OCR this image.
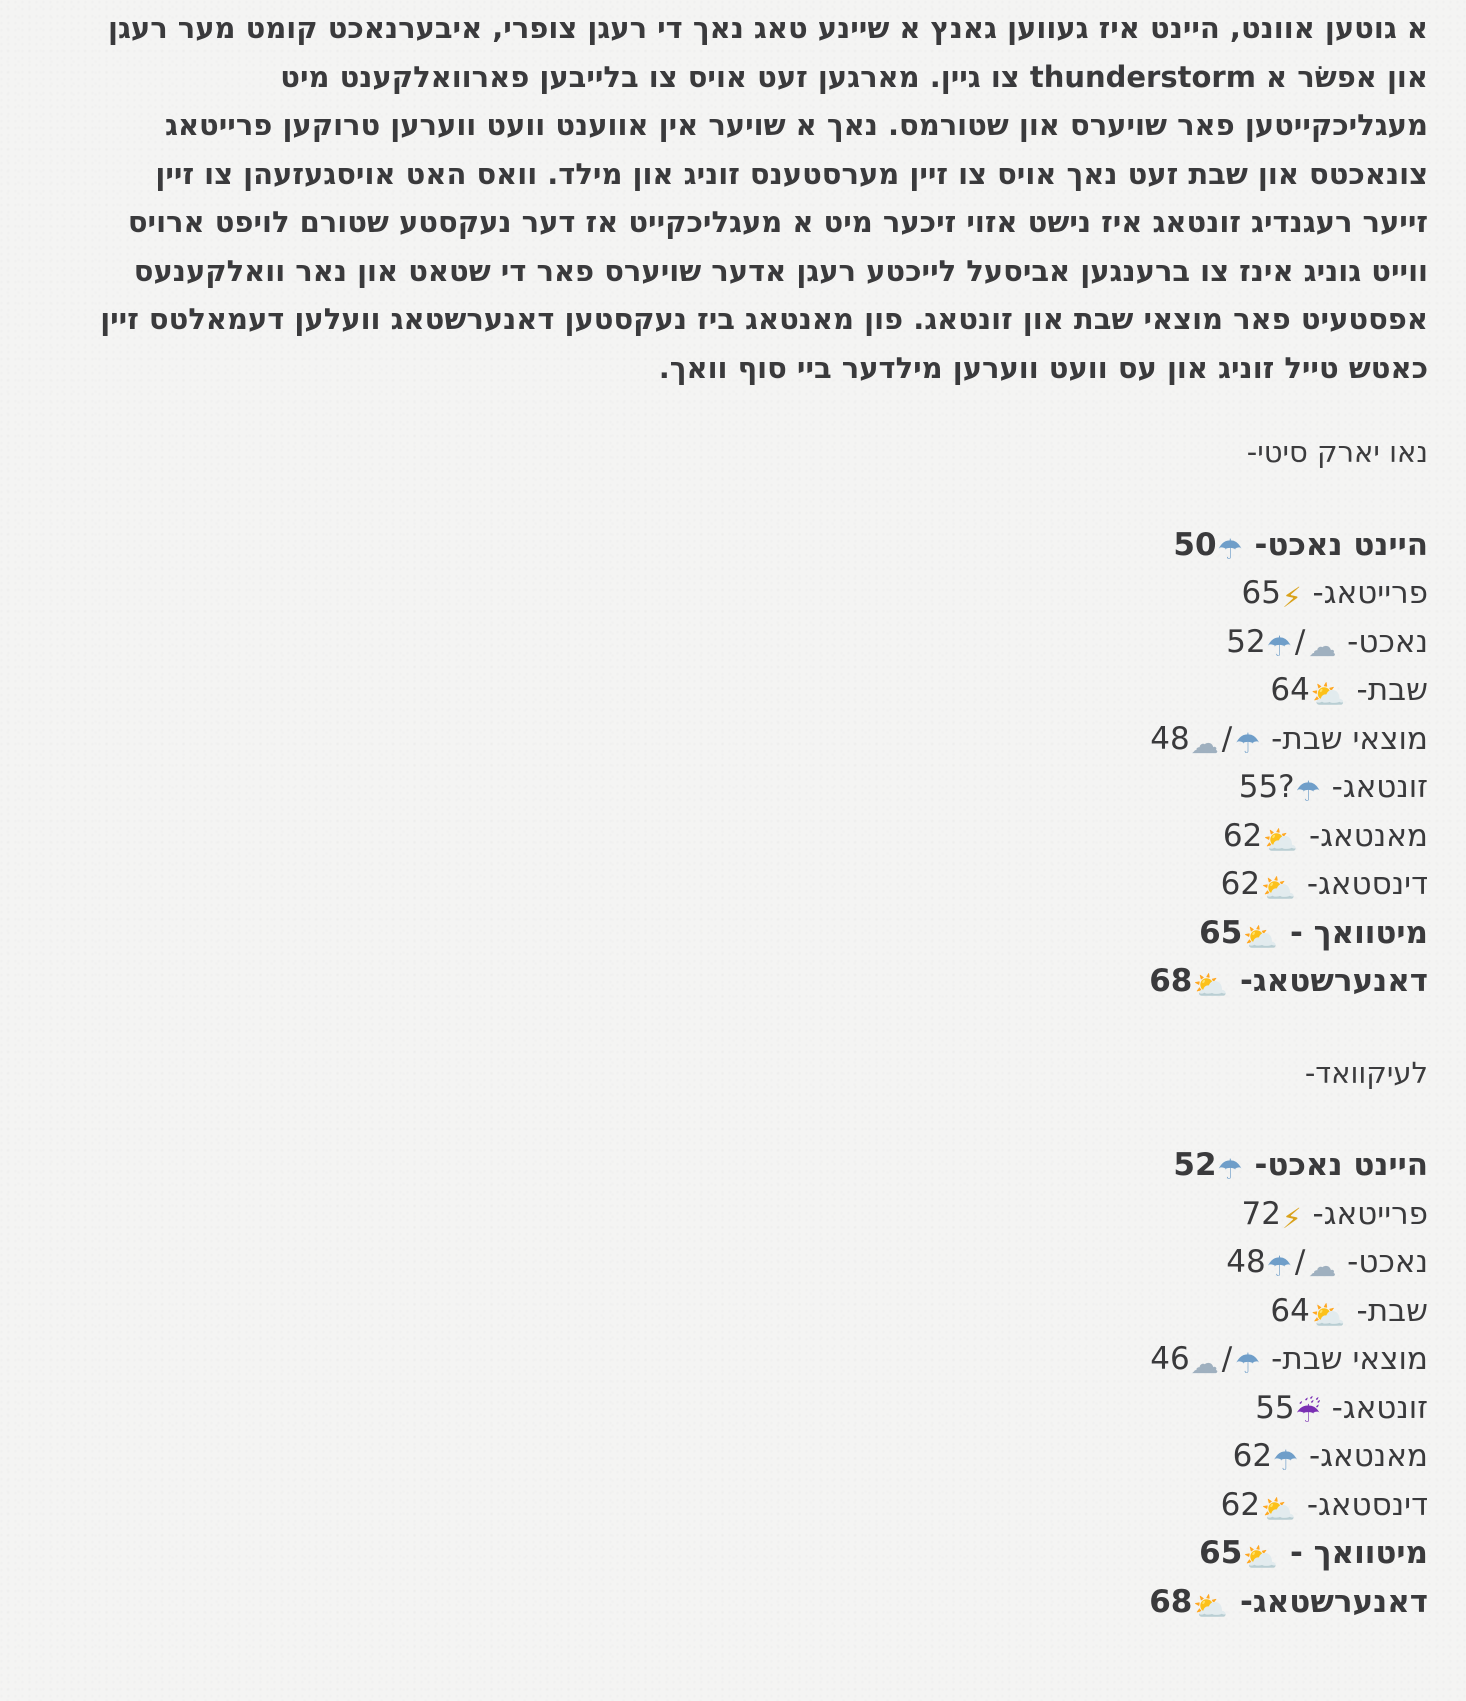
א גוטען אוונט, היינט איז געווען גאנץ א שיינע טאג נאך די רעגן צופרי, איבערנאכט קומט מער רעגן און אפשׂר א thunderstorm צו גיין. מארגען זעט אויס צו בלייבען פארוואלקענט מיט מעגליכקייטען פאר שויערס און שטורמס. נאך א שויער אין אווענט וועט ווערען טרוקען פרייטאג צונאכטס און שבת זעט נאך אויס צו זיין מערסטענס זוניג און מילד. וואס האט אויסגעזעהן צו זיין זייער רעגנדיג זונטאג איז נישט אזוי זיכער מיט א מעגליכקייט אז דער נעקסטע שטורם לויפט ארויס ווייט גוניג אינז צו ברענגען אביסעל לייכטע רעגן אדער שויערס פאר די שטאט און נאר וואלקענעס אפסטעיט פאר מוצאי שבת און זונטאג. פון מאנטאג ביז נעקסטען דאנערשטאג וועלען דעמאלטס זיין כאטש טייל זוניג און עס וועט ווערען מילדער ביי סוף וואך.

נאו יארק סיטי-

היינט נאכט- ☂50
פרייטאג- ⚡65
נאכט- ☁/☂52
שבת- ⛅64
מוצאי שבת- ☂/☁48
זונטאג- ☂55?
מאנטאג- ⛅62
דינסטאג- ⛅62
מיטוואך - ⛅65
דאנערשטאג- ⛅68

לעיקוואד-

היינט נאכט- ☂52
פרייטאג- ⚡72
נאכט- ☁/☂48
שבת- ⛅64
מוצאי שבת- ☂/☁46
זונטאג- ☔55
מאנטאג- ☂62
דינסטאג- ⛅62
מיטוואך - ⛅65
דאנערשטאג- ⛅68
